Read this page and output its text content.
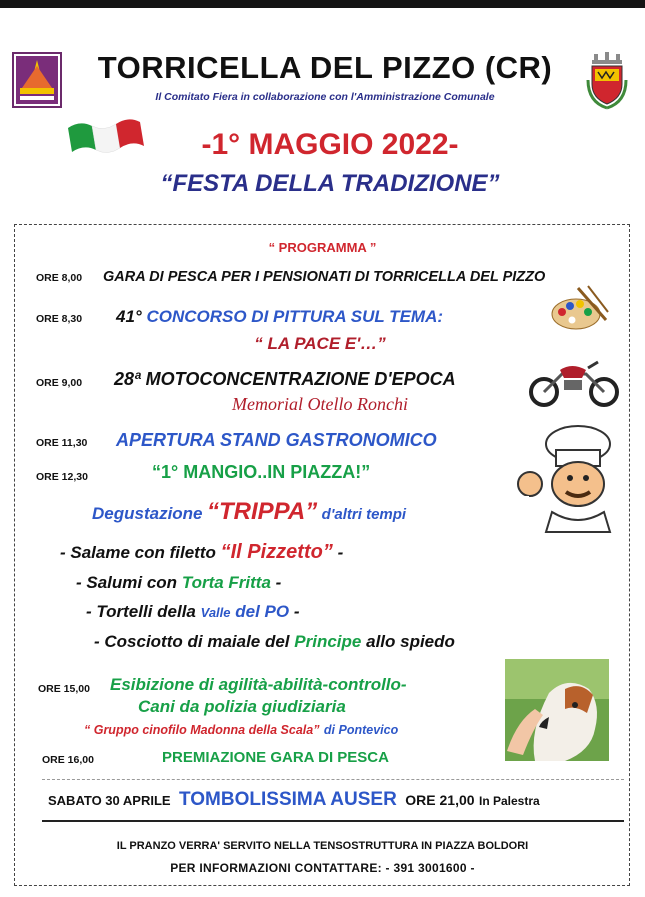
TORRICELLA DEL PIZZO (CR)
Il Comitato Fiera in collaborazione con l'Amministrazione Comunale
-1° MAGGIO 2022-
“FESTA DELLA TRADIZIONE”
“ PROGRAMMA ”
ORE 8,00 GARA DI PESCA PER I PENSIONATI DI TORRICELLA DEL PIZZO
ORE 8,30 41° CONCORSO DI PITTURA SUL TEMA:
“ LA PACE E'…”
ORE 9,00 28ª MOTOCONCENTRAZIONE D'EPOCA
Memorial Otello Ronchi
ORE 11,30 APERTURA STAND GASTRONOMICO
ORE 12,30	“1° MANGIO..IN PIAZZA!”
Degustazione “TRIPPA” d'altri tempi
- Salame con filetto “Il Pizzetto” -
- Salumi con Torta Fritta -
- Tortelli della Valle del PO -
- Cosciotto di maiale del Principe allo spiedo
ORE 15,00 Esibizione di agilità-abilità-controllo-
Cani da polizia giudiziaria
“ Gruppo cinofilo Madonna della Scala” di Pontevico
ORE 16,00	PREMIAZIONE GARA DI PESCA
SABATO 30 APRILE TOMBOLISSIMA AUSER ORE 21,00 In Palestra
IL PRANZO VERRA' SERVITO NELLA TENSOSTRUTTURA IN PIAZZA BOLDORI
PER INFORMAZIONI CONTATTARE: - 391 3001600 -
